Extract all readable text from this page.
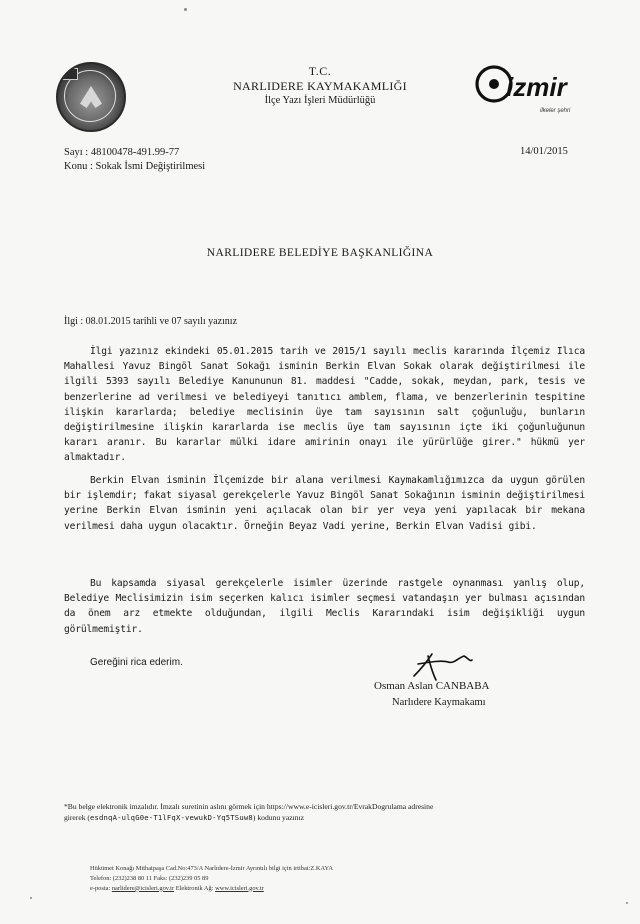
T.C.
NARLIDERE KAYMAKAMLIĞI
İlçe Yazı İşleri Müdürlüğü	izmir
ilkeler şehri
Sayı : 48100478-491.99-77
Konu : Sokak İsmi Değiştirilmesi
14/01/2015
NARLIDERE BELEDİYE BAŞKANLIĞINA
İlgi : 08.01.2015 tarihli ve 07 sayılı yazınız
İlgi yazınız ekindeki 05.01.2015 tarih ve 2015/1 sayılı meclis kararında İlçemiz Ilıca Mahallesi Yavuz Bingöl Sanat Sokağı isminin Berkin Elvan Sokak olarak değiştirilmesi ile ilgili 5393 sayılı Belediye Kanununun 81. maddesi "Cadde, sokak, meydan, park, tesis ve benzerlerine ad verilmesi ve belediyeyi tanıtıcı amblem, flama, ve benzerlerinin tespitine ilişkin kararlarda; belediye meclisinin üye tam sayısının salt çoğunluğu, bunların değiştirilmesine ilişkin kararlarda ise meclis üye tam sayısının içte iki çoğunluğunun kararı aranır. Bu kararlar mülki idare amirinin onayı ile yürürlüğe girer." hükmü yer almaktadır.
Berkin Elvan isminin İlçemizde bir alana verilmesi Kaymakamlığımızca da uygun görülen bir işlemdir; fakat siyasal gerekçelerle Yavuz Bingöl Sanat Sokağının isminin değiştirilmesi yerine Berkin Elvan isminin yeni açılacak olan bir yer veya yeni yapılacak bir mekana verilmesi daha uygun olacaktır. Örneğin Beyaz Vadi yerine, Berkin Elvan Vadisi gibi.
Bu kapsamda siyasal gerekçelerle isimler üzerinde rastgele oynanması yanlış olup, Belediye Meclisimizin isim seçerken kalıcı isimler seçmesi vatandaşın yer bulması açısından da önem arz etmekte olduğundan, ilgili Meclis Kararındaki isim değişikliği uygun görülmemiştir.
Gereğini rica ederim.
Osman Aslan CANBABA
Narlıdere Kaymakamı
*Bu belge elektronik imzalıdır. İmzalı suretinin aslını görmek için https://www.e-icisleri.gov.tr/EvrakDogrulama adresine
girerek (esdnqA-ulqG0e-T1lFqX-vewukD-Yq5TSuw8) kodunu yazınız
Hükümet Konağı Mithatpaşa Cad.No:473/A Narlıdere-İzmir Ayrıntılı bilgi için irtibat:Z.KAYA
Telefon: (232)238 80 11 Faks: (232)239 05 89
e-posta: narlidere@icisleri.gov.tr Elektronik Ağ: www.icisleri.gov.tr
